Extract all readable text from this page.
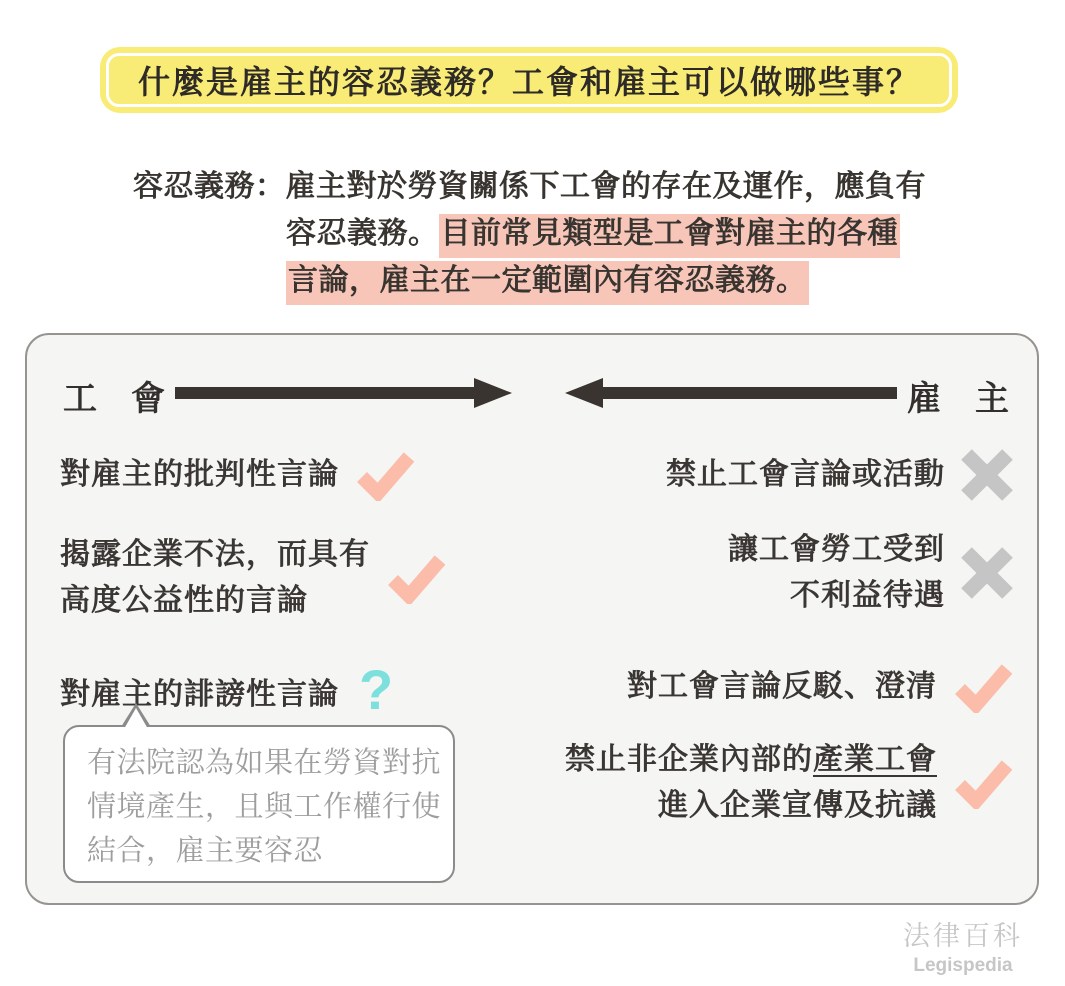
什麼是雇主的容忍義務？工會和雇主可以做哪些事？
容忍義務：雇主對於勞資關係下工會的存在及運作，應負有
容忍義務。目前常見類型是工會對雇主的各種
言論，雇主在一定範圍內有容忍義務。
工　會	雇　主
對雇主的批判性言論
揭露企業不法，而具有
高度公益性的言論
對雇主的誹謗性言論 ?
有法院認為如果在勞資對抗
情境產生，且與工作權行使
結合，雇主要容忍
禁止工會言論或活動
讓工會勞工受到
不利益待遇
對工會言論反駁、澄清
禁止非企業內部的產業工會
進入企業宣傳及抗議
法律百科
Legispedia
